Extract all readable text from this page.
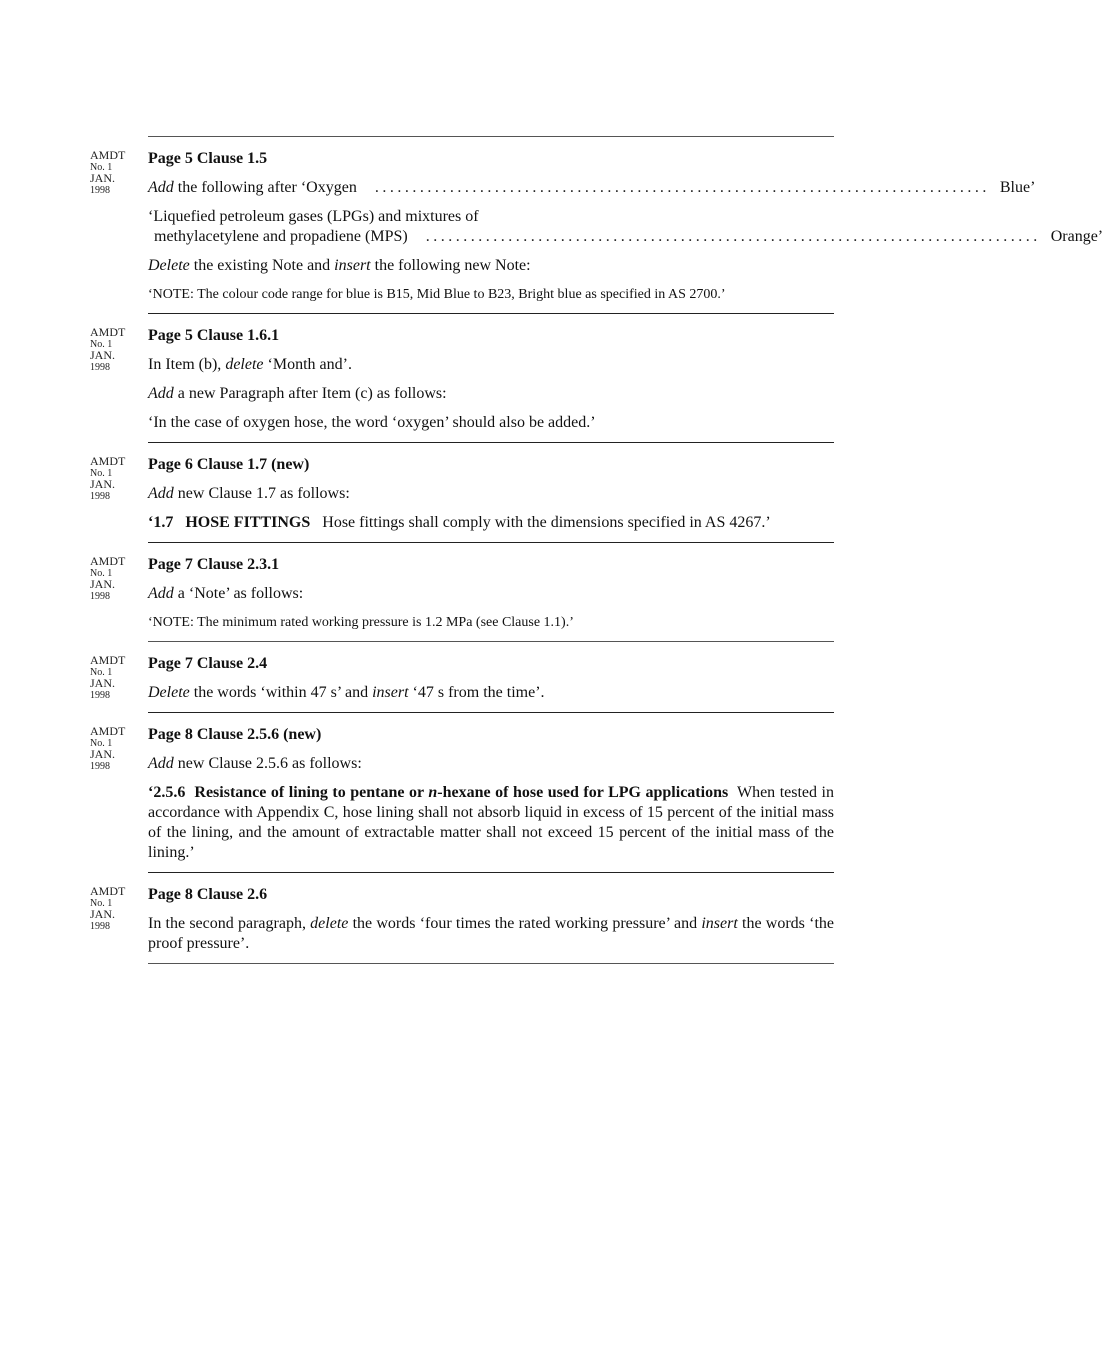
AMDT
No. 1
JAN.
1998
Page 5 Clause 1.5
Add the following after ‘Oxygen .................................................................................. Blue’
‘Liquefied petroleum gases (LPGs) and mixtures of
methylacetylene and propadiene (MPS) .................................................................................. Orange’
Delete the existing Note and insert the following new Note:
‘NOTE: The colour code range for blue is B15, Mid Blue to B23, Bright blue as specified in AS 2700.’
AMDT
No. 1
JAN.
1998
Page 5 Clause 1.6.1
In Item (b), delete ‘Month and’.
Add a new Paragraph after Item (c) as follows:
‘In the case of oxygen hose, the word ‘oxygen’ should also be added.’
AMDT
No. 1
JAN.
1998
Page 6 Clause 1.7 (new)
Add new Clause 1.7 as follows:
‘1.7   HOSE FITTINGS   Hose fittings shall comply with the dimensions specified in AS 4267.’
AMDT
No. 1
JAN.
1998
Page 7 Clause 2.3.1
Add a ‘Note’ as follows:
‘NOTE: The minimum rated working pressure is 1.2 MPa (see Clause 1.1).’
AMDT
No. 1
JAN.
1998
Page 7 Clause 2.4
Delete the words ‘within 47 s’ and insert ‘47 s from the time’.
AMDT
No. 1
JAN.
1998
Page 8 Clause 2.5.6 (new)
Add new Clause 2.5.6 as follows:
‘2.5.6  Resistance of lining to pentane or n-hexane of hose used for LPG applications  When tested in accordance with Appendix C, hose lining shall not absorb liquid in excess of 15 percent of the initial mass of the lining, and the amount of extractable matter shall not exceed 15 percent of the initial mass of the lining.’
AMDT
No. 1
JAN.
1998
Page 8 Clause 2.6
In the second paragraph, delete the words ‘four times the rated working pressure’ and insert the words ‘the proof pressure’.
